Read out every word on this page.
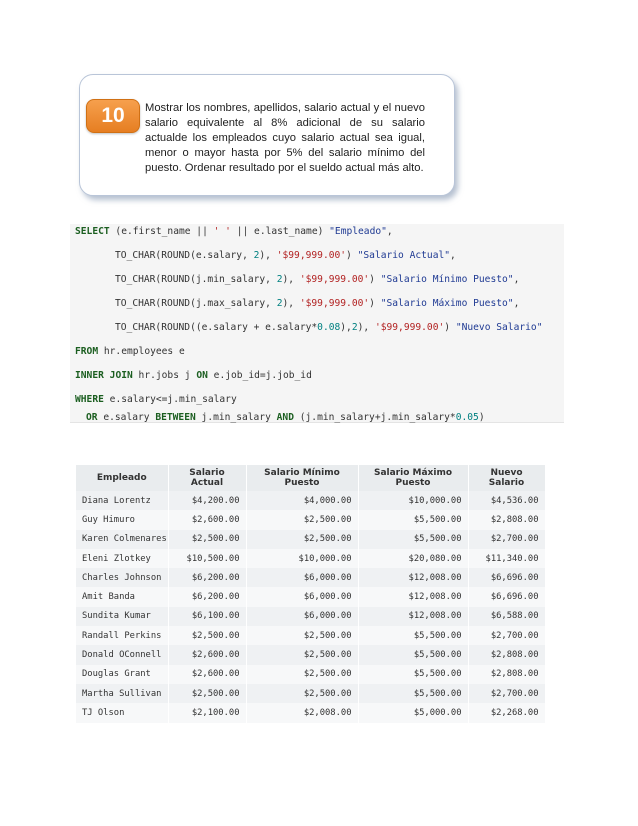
10	Mostrar los nombres, apellidos, salario actual y el nuevo salario equivalente al 8% adicional de su salario actualde los empleados cuyo salario actual sea igual, menor o mayor hasta por 5% del salario mínimo del puesto. Ordenar resultado por el sueldo actual más alto.
SELECT (e.first_name || ' ' || e.last_name) "Empleado",
TO_CHAR(ROUND(e.salary, 2), '$99,999.00') "Salario Actual",
TO_CHAR(ROUND(j.min_salary, 2), '$99,999.00') "Salario Mínimo Puesto",
TO_CHAR(ROUND(j.max_salary, 2), '$99,999.00') "Salario Máximo Puesto",
TO_CHAR(ROUND((e.salary + e.salary*0.08),2), '$99,999.00') "Nuevo Salario"
FROM hr.employees e
INNER JOIN hr.jobs j ON e.job_id=j.job_id
WHERE e.salary<=j.min_salary
OR e.salary BETWEEN j.min_salary AND (j.min_salary+j.min_salary*0.05)
Empleado	Salario Actual	Salario Mínimo Puesto	Salario Máximo Puesto	Nuevo Salario
Diana Lorentz	$4,200.00	$4,000.00	$10,000.00	$4,536.00
Guy Himuro	$2,600.00	$2,500.00	$5,500.00	$2,808.00
Karen Colmenares	$2,500.00	$2,500.00	$5,500.00	$2,700.00
Eleni Zlotkey	$10,500.00	$10,000.00	$20,080.00	$11,340.00
Charles Johnson	$6,200.00	$6,000.00	$12,008.00	$6,696.00
Amit Banda	$6,200.00	$6,000.00	$12,008.00	$6,696.00
Sundita Kumar	$6,100.00	$6,000.00	$12,008.00	$6,588.00
Randall Perkins	$2,500.00	$2,500.00	$5,500.00	$2,700.00
Donald OConnell	$2,600.00	$2,500.00	$5,500.00	$2,808.00
Douglas Grant	$2,600.00	$2,500.00	$5,500.00	$2,808.00
Martha Sullivan	$2,500.00	$2,500.00	$5,500.00	$2,700.00
TJ Olson	$2,100.00	$2,008.00	$5,000.00	$2,268.00
